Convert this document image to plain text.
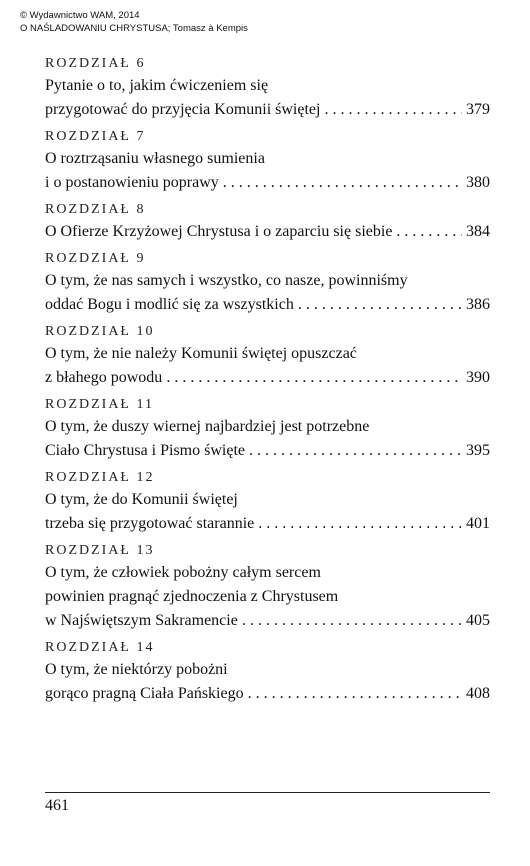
© Wydawnictwo WAM, 2014
O NAŚLADOWANIU CHRYSTUSA; Tomasz à Kempis
ROZDZIAŁ 6
Pytanie o to, jakim ćwiczeniem się
przygotować do przyjęcia Komunii świętej . . .	379
ROZDZIAŁ 7
O roztrząsaniu własnego sumienia
i o postanowieniu poprawy . . .	380
ROZDZIAŁ 8
O Ofierze Krzyżowej Chrystusa i o zaparciu się siebie . . .	384
ROZDZIAŁ 9
O tym, że nas samych i wszystko, co nasze, powinniśmy
oddać Bogu i modlić się za wszystkich . . .	386
ROZDZIAŁ 10
O tym, że nie należy Komunii świętej opuszczać
z błahego powodu . . .	390
ROZDZIAŁ 11
O tym, że duszy wiernej najbardziej jest potrzebne
Ciało Chrystusa i Pismo święte . . .	395
ROZDZIAŁ 12
O tym, że do Komunii świętej
trzeba się przygotować starannie . . .	401
ROZDZIAŁ 13
O tym, że człowiek pobożny całym sercem
powinien pragnąć zjednoczenia z Chrystusem
w Najświętszym Sakramencie . . .	405
ROZDZIAŁ 14
O tym, że niektórzy pobożni
gorąco pragną Ciała Pańskiego . . .	408
461
